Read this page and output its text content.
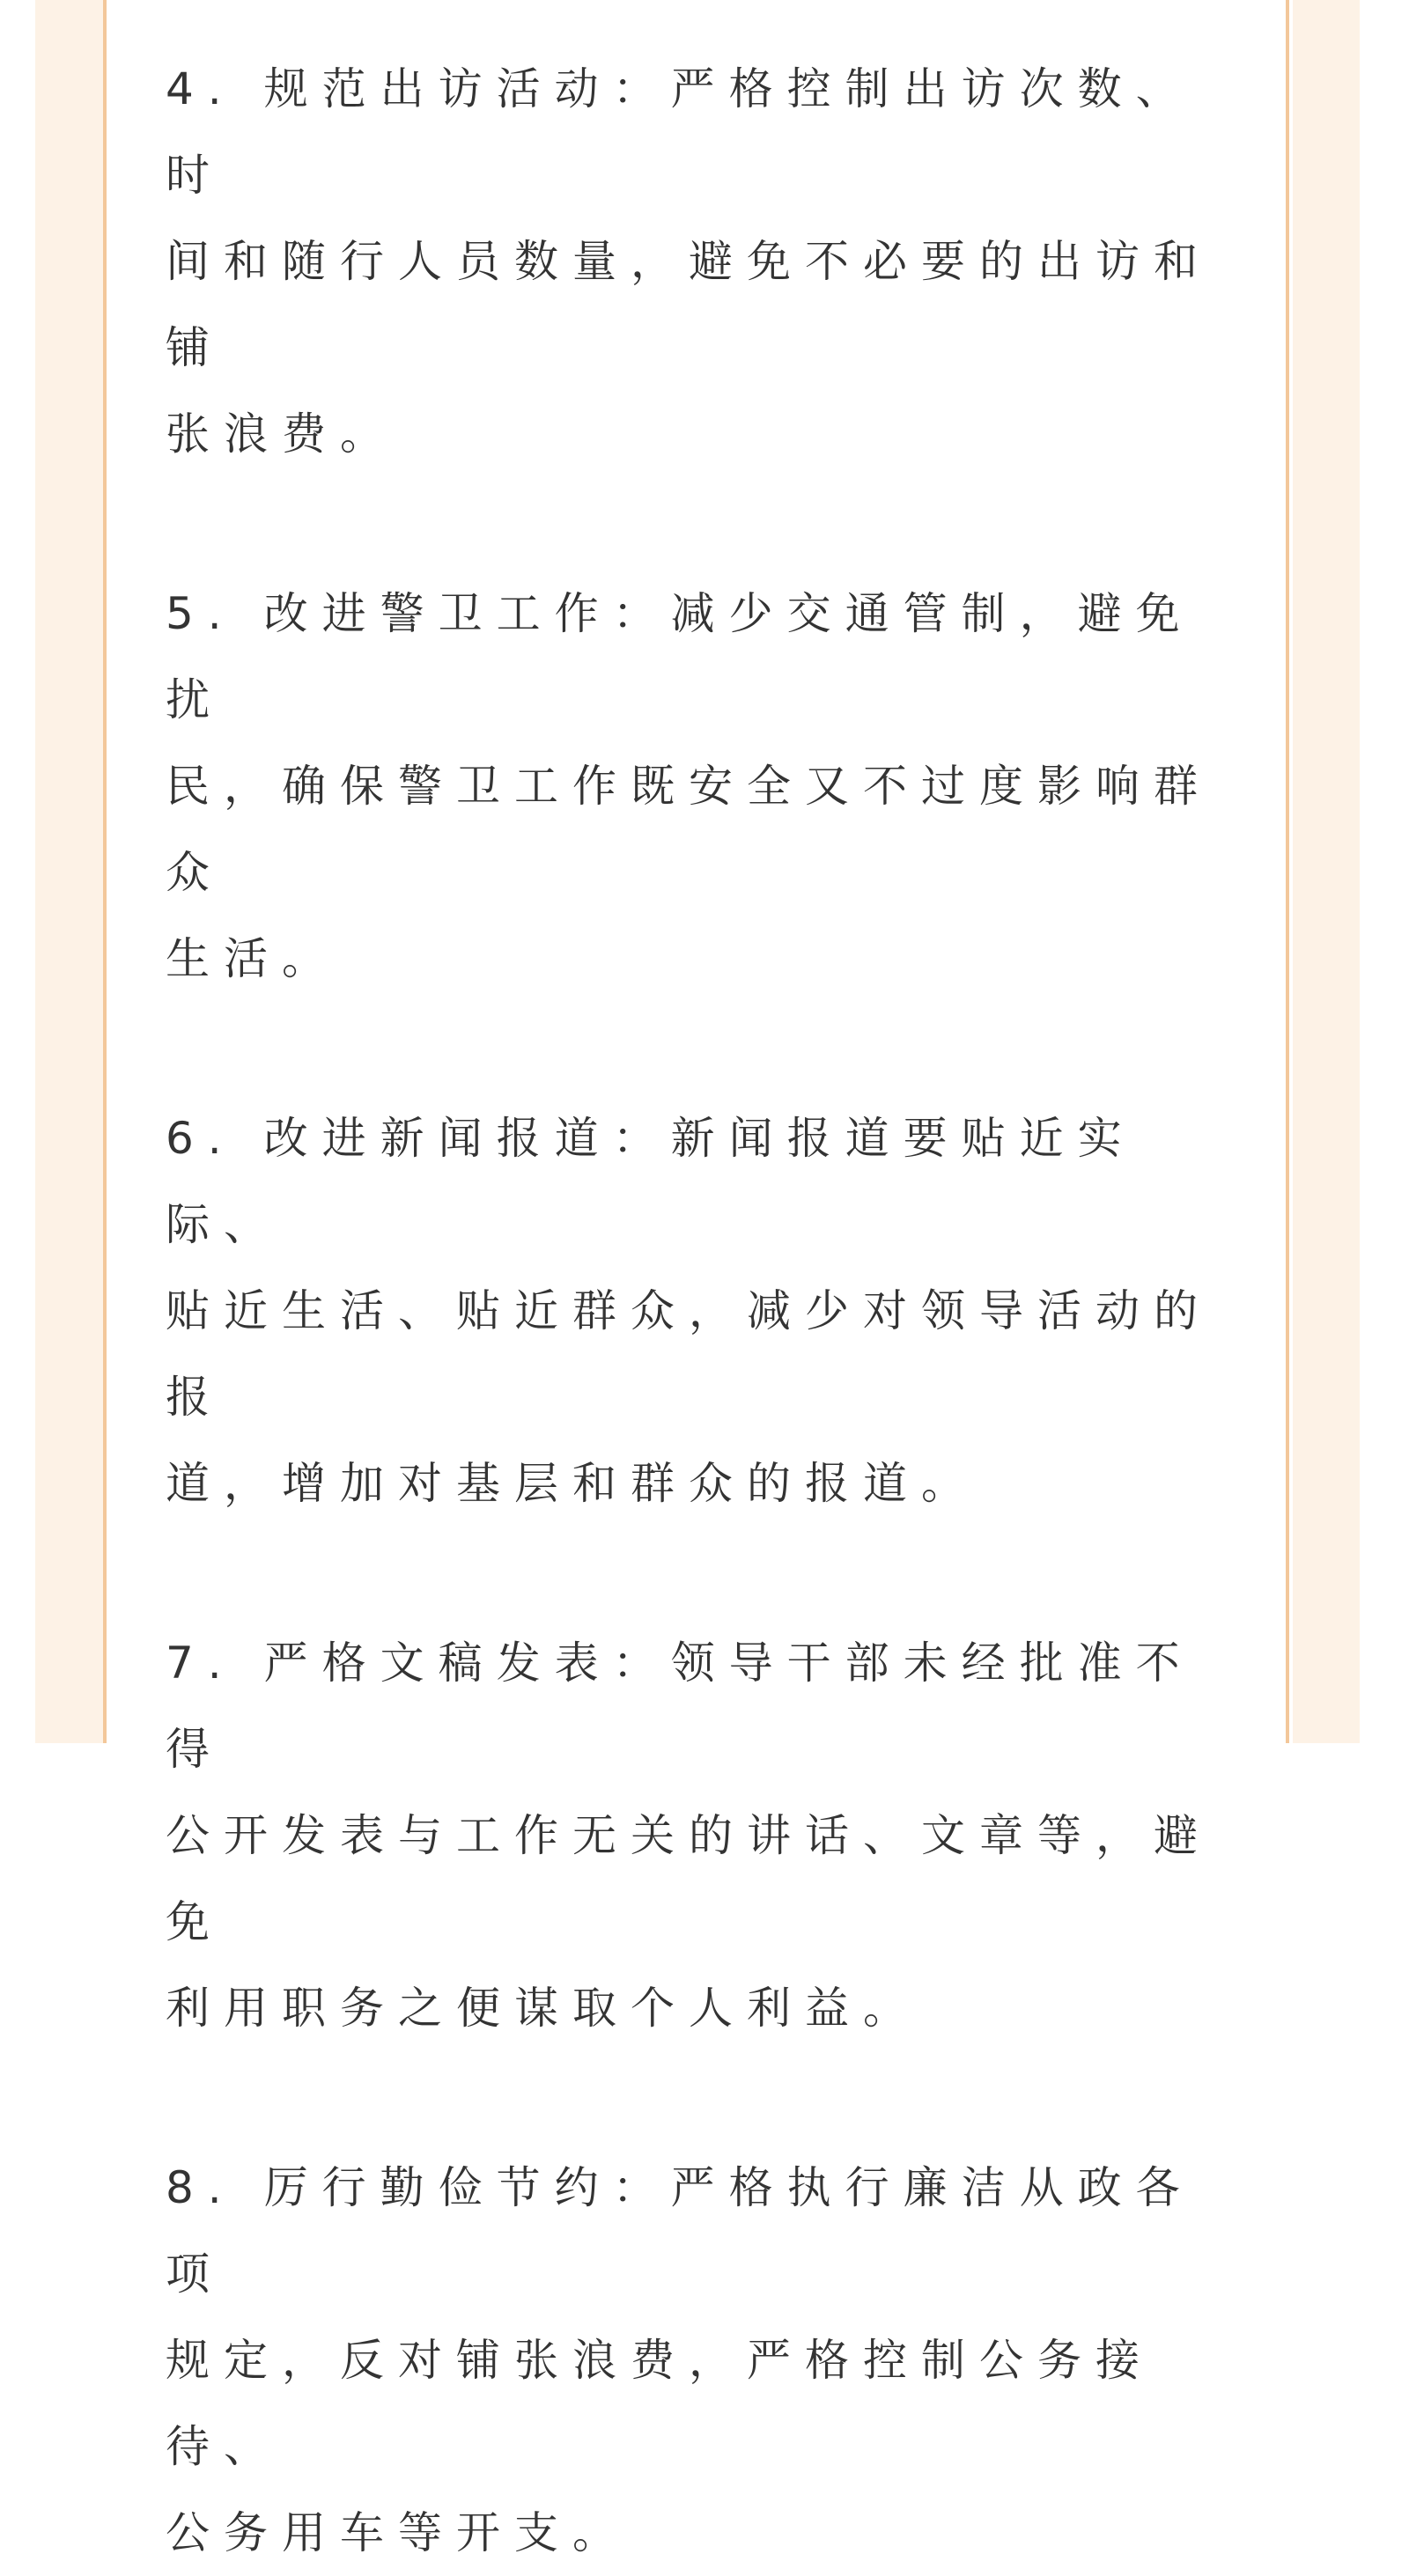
4. 规范出访活动：严格控制出访次数、时
间和随行人员数量，避免不必要的出访和铺
张浪费。

5. 改进警卫工作：减少交通管制，避免扰
民，确保警卫工作既安全又不过度影响群众
生活。

6. 改进新闻报道：新闻报道要贴近实际、
贴近生活、贴近群众，减少对领导活动的报
道，增加对基层和群众的报道。

7. 严格文稿发表：领导干部未经批准不得
公开发表与工作无关的讲话、文章等，避免
利用职务之便谋取个人利益。

8. 厉行勤俭节约：严格执行廉洁从政各项
规定，反对铺张浪费，严格控制公务接待、
公务用车等开支。
